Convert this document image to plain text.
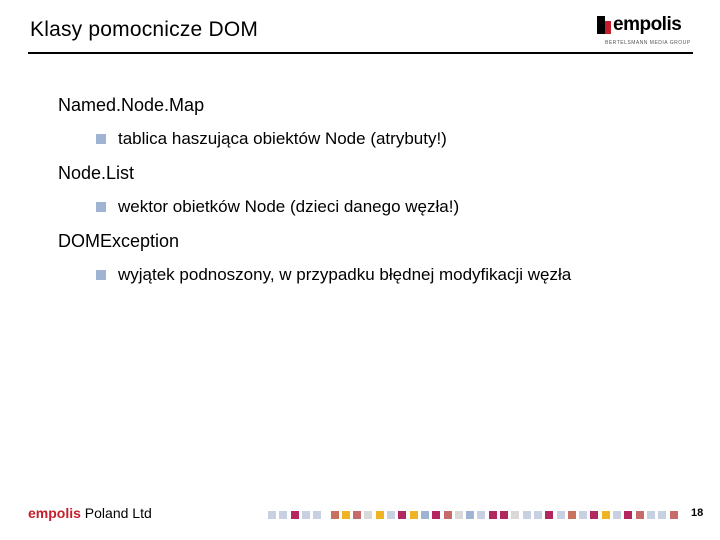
Klasy pomocnicze DOM	empolis
BERTELSMANN MEDIA GROUP
Named.Node.Map
tablica haszująca obiektów Node (atrybuty!)
Node.List
wektor obietków Node (dzieci danego węzła!)
DOMException
wyjątek podnoszony, w przypadku błędnej modyfikacji węzła
empolis Poland Ltd	18
